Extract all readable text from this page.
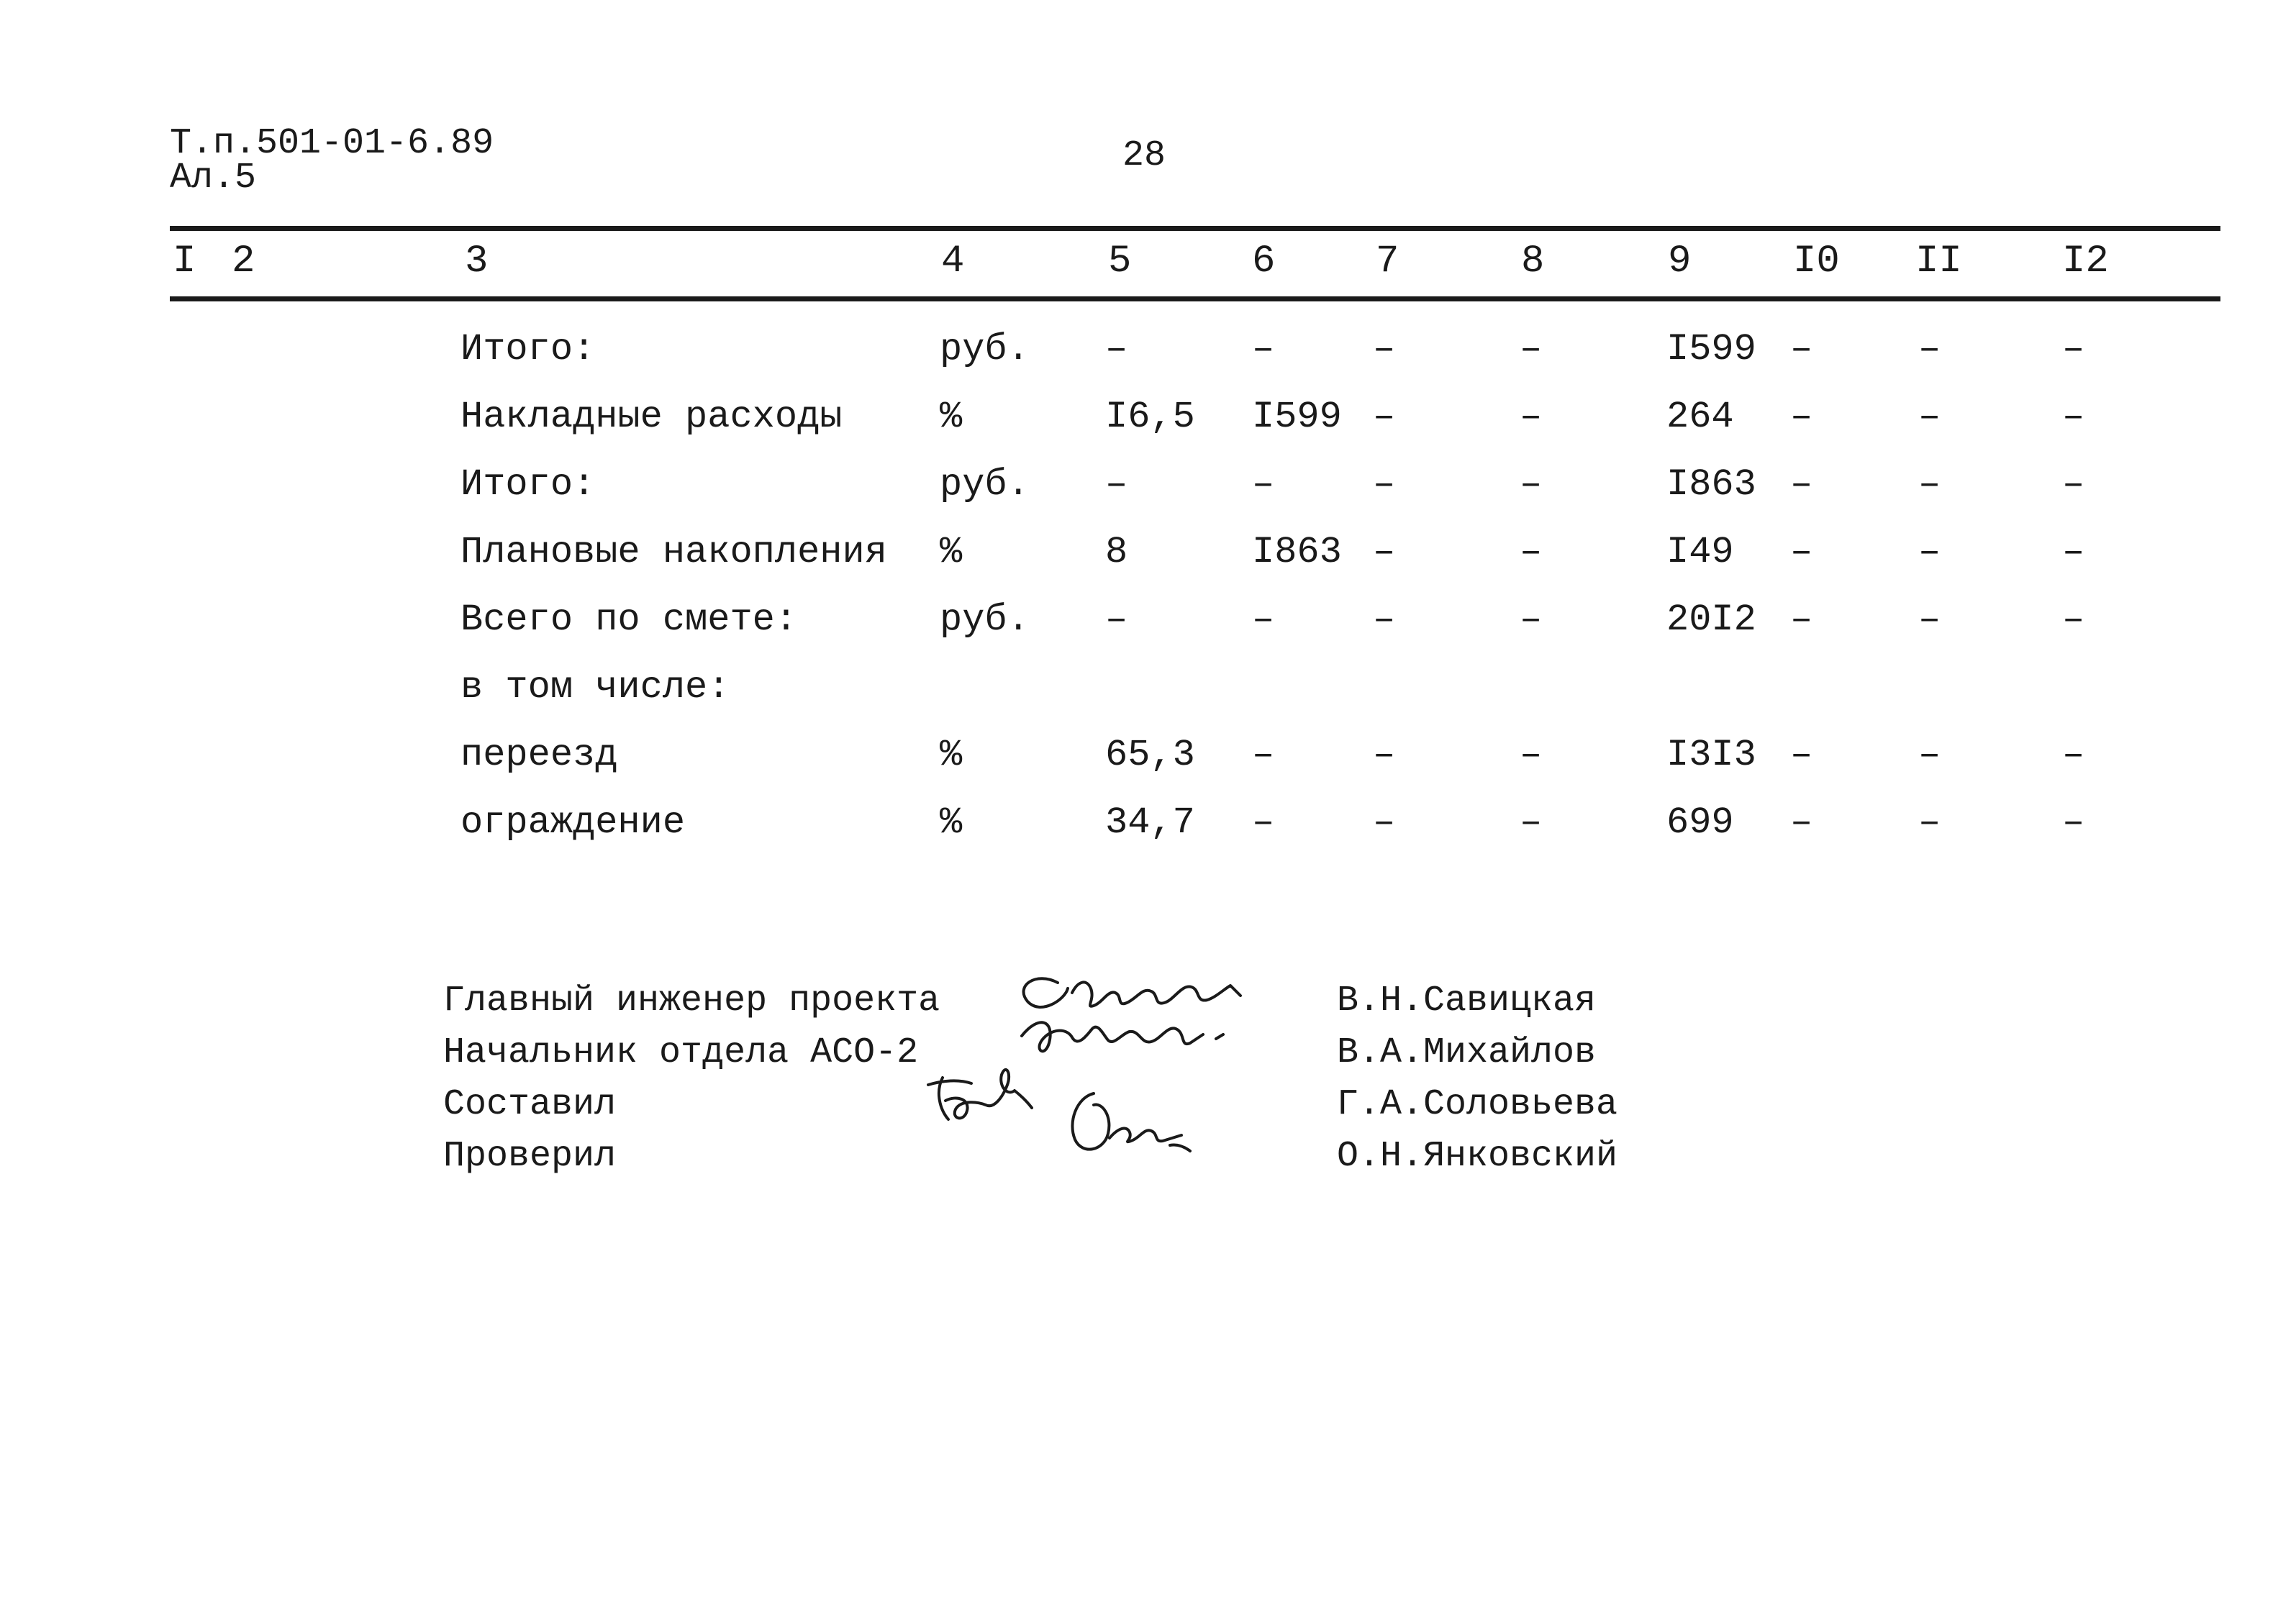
Т.п.501-01-6.89
Ал.5
28
I 2	3	4	5	6	7	8	9	I0 II	I2
Итого:	руб. –	–	–	–	I599 –	–	–
Накладные расходы	%	I6,5 I599 –	–	264 –	–	–
Итого:	руб. –	–	–	–	I863 –	–	–
Плановые накопления %	8	I863 –	–	I49 –	–	–
Всего по смете:	руб. –	–	–	–	20I2 –	–	–
в том числе:
переезд	%	65,3 –	–	–	I3I3 –	–	–
ограждение	%	34,7 –	–	–	699 –	–	–
Главный инженер проекта	В.Н.Савицкая
Начальник отдела АСО-2	В.А.Михайлов
Составил	Г.А.Соловьева
Проверил	О.Н.Янковский
